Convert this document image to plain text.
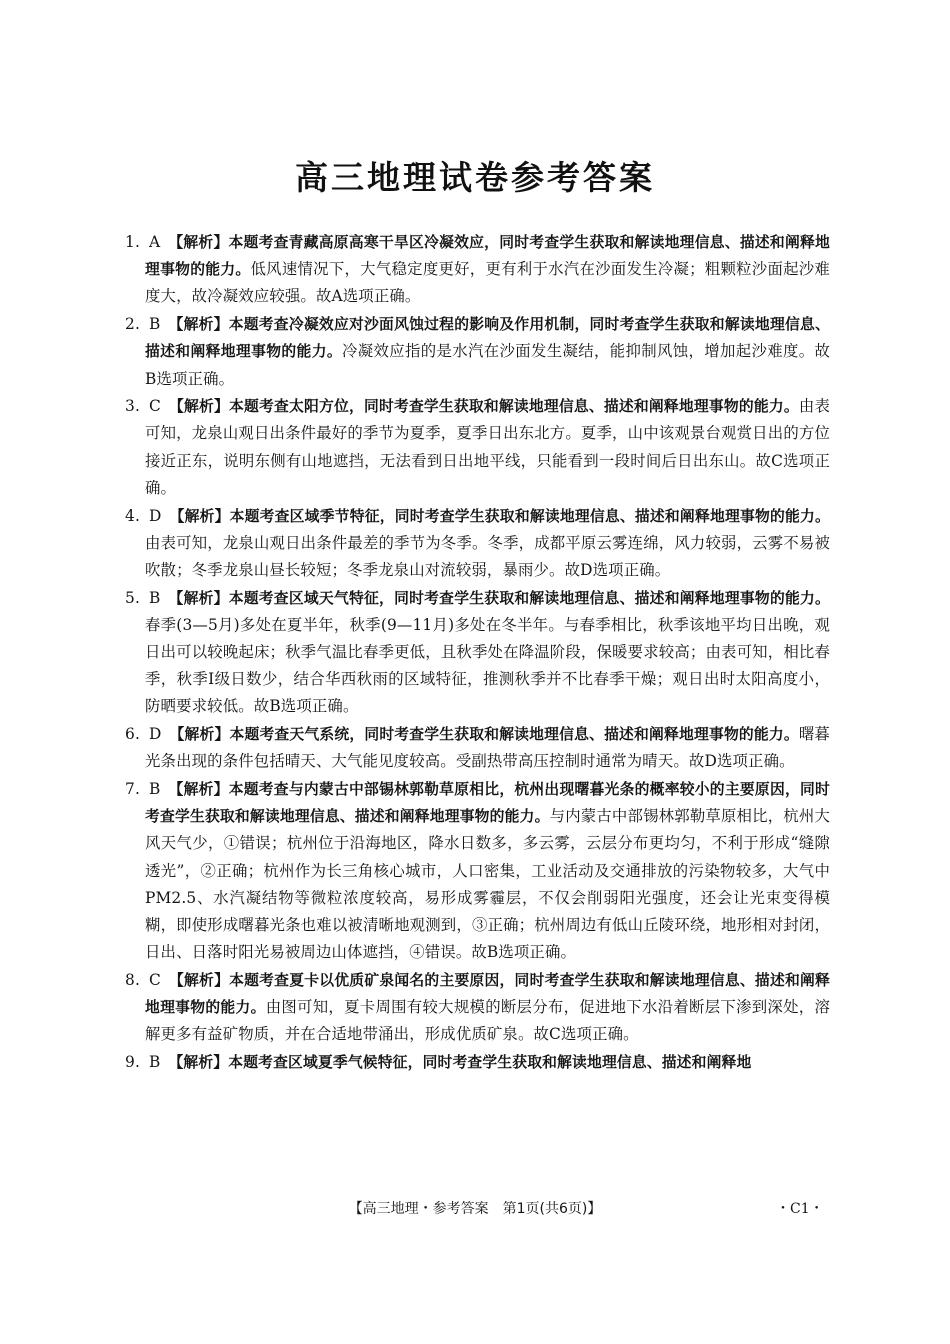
高三地理试卷参考答案
1. A 【解析】本题考查青藏高原高寒干旱区冷凝效应，同时考查学生获取和解读地理信息、描述和阐释地理事物的能力。低风速情况下，大气稳定度更好，更有利于水汽在沙面发生冷凝；粗颗粒沙面起沙难度大，故冷凝效应较强。故A选项正确。
2. B 【解析】本题考查冷凝效应对沙面风蚀过程的影响及作用机制，同时考查学生获取和解读地理信息、描述和阐释地理事物的能力。冷凝效应指的是水汽在沙面发生凝结，能抑制风蚀，增加起沙难度。故B选项正确。
3. C 【解析】本题考查太阳方位，同时考查学生获取和解读地理信息、描述和阐释地理事物的能力。由表可知，龙泉山观日出条件最好的季节为夏季，夏季日出东北方。夏季，山中该观景台观赏日出的方位接近正东，说明东侧有山地遮挡，无法看到日出地平线，只能看到一段时间后日出东山。故C选项正确。
4. D 【解析】本题考查区域季节特征，同时考查学生获取和解读地理信息、描述和阐释地理事物的能力。由表可知，龙泉山观日出条件最差的季节为冬季。冬季，成都平原云雾连绵，风力较弱，云雾不易被吹散；冬季龙泉山昼长较短；冬季龙泉山对流较弱，暴雨少。故D选项正确。
5. B 【解析】本题考查区域天气特征，同时考查学生获取和解读地理信息、描述和阐释地理事物的能力。春季(3—5月)多处在夏半年，秋季(9—11月)多处在冬半年。与春季相比，秋季该地平均日出晚，观日出可以较晚起床；秋季气温比春季更低，且秋季处在降温阶段，保暖要求较高；由表可知，相比春季，秋季Ⅰ级日数少，结合华西秋雨的区域特征，推测秋季并不比春季干燥；观日出时太阳高度小，防晒要求较低。故B选项正确。
6. D 【解析】本题考查天气系统，同时考查学生获取和解读地理信息、描述和阐释地理事物的能力。曙暮光条出现的条件包括晴天、大气能见度较高。受副热带高压控制时通常为晴天。故D选项正确。
7. B 【解析】本题考查与内蒙古中部锡林郭勒草原相比，杭州出现曙暮光条的概率较小的主要原因，同时考查学生获取和解读地理信息、描述和阐释地理事物的能力。与内蒙古中部锡林郭勒草原相比，杭州大风天气少，①错误；杭州位于沿海地区，降水日数多，多云雾，云层分布更均匀，不利于形成“缝隙透光”，②正确；杭州作为长三角核心城市，人口密集，工业活动及交通排放的污染物较多，大气中PM2.5、水汽凝结物等微粒浓度较高，易形成雾霾层，不仅会削弱阳光强度，还会让光束变得模糊，即使形成曙暮光条也难以被清晰地观测到，③正确；杭州周边有低山丘陵环绕，地形相对封闭，日出、日落时阳光易被周边山体遮挡，④错误。故B选项正确。
8. C 【解析】本题考查夏卡以优质矿泉闻名的主要原因，同时考查学生获取和解读地理信息、描述和阐释地理事物的能力。由图可知，夏卡周围有较大规模的断层分布，促进地下水沿着断层下渗到深处，溶解更多有益矿物质，并在合适地带涌出，形成优质矿泉。故C选项正确。
9. B 【解析】本题考查区域夏季气候特征，同时考查学生获取和解读地理信息、描述和阐释地
【高三地理・参考答案　第1页(共6页)】	・C1・
